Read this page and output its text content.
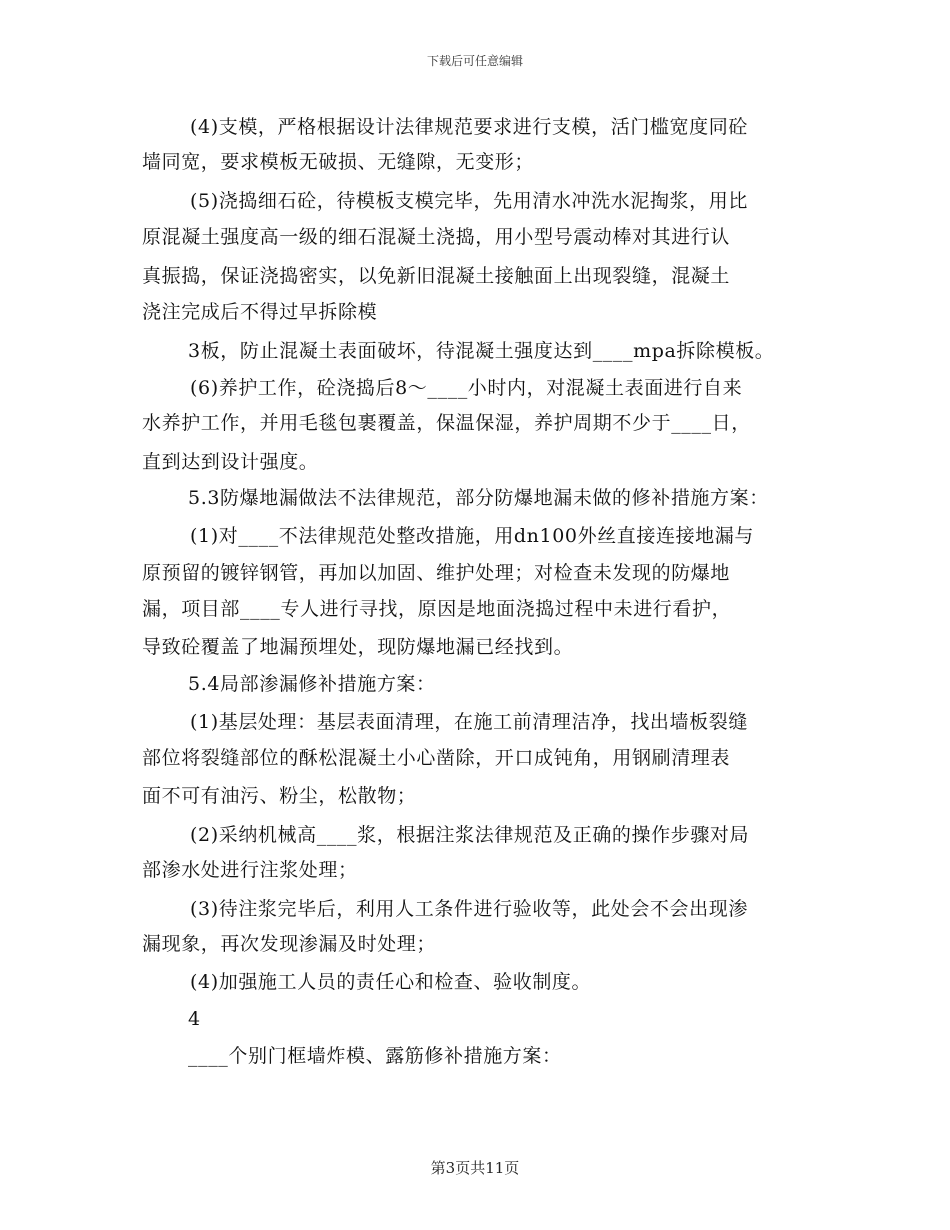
下载后可任意编辑
(4)支模，严格根据设计法律规范要求进行支模，活门槛宽度同砼
墙同宽，要求模板无破损、无缝隙，无变形；
(5)浇捣细石砼，待模板支模完毕，先用清水冲洗水泥掏浆，用比
原混凝土强度高一级的细石混凝土浇捣，用小型号震动棒对其进行认
真振捣，保证浇捣密实，以免新旧混凝土接触面上出现裂缝，混凝土
浇注完成后不得过早拆除模
3板，防止混凝土表面破坏，待混凝土强度达到____mpa拆除模板。
(6)养护工作，砼浇捣后8～____小时内，对混凝土表面进行自来
水养护工作，并用毛毯包裹覆盖，保温保湿，养护周期不少于____日，
直到达到设计强度。
5.3防爆地漏做法不法律规范，部分防爆地漏未做的修补措施方案：
(1)对____不法律规范处整改措施，用dn100外丝直接连接地漏与
原预留的镀锌钢管，再加以加固、维护处理；对检查未发现的防爆地
漏，项目部____专人进行寻找，原因是地面浇捣过程中未进行看护，
导致砼覆盖了地漏预埋处，现防爆地漏已经找到。
5.4局部渗漏修补措施方案：
(1)基层处理：基层表面清理，在施工前清理洁净，找出墙板裂缝
部位将裂缝部位的酥松混凝土小心凿除，开口成钝角，用钢刷清理表
面不可有油污、粉尘，松散物；
(2)采纳机械高____浆，根据注浆法律规范及正确的操作步骤对局
部渗水处进行注浆处理；
(3)待注浆完毕后，利用人工条件进行验收等，此处会不会出现渗
漏现象，再次发现渗漏及时处理；
(4)加强施工人员的责任心和检查、验收制度。
4
____个别门框墙炸模、露筋修补措施方案：
第3页共11页
